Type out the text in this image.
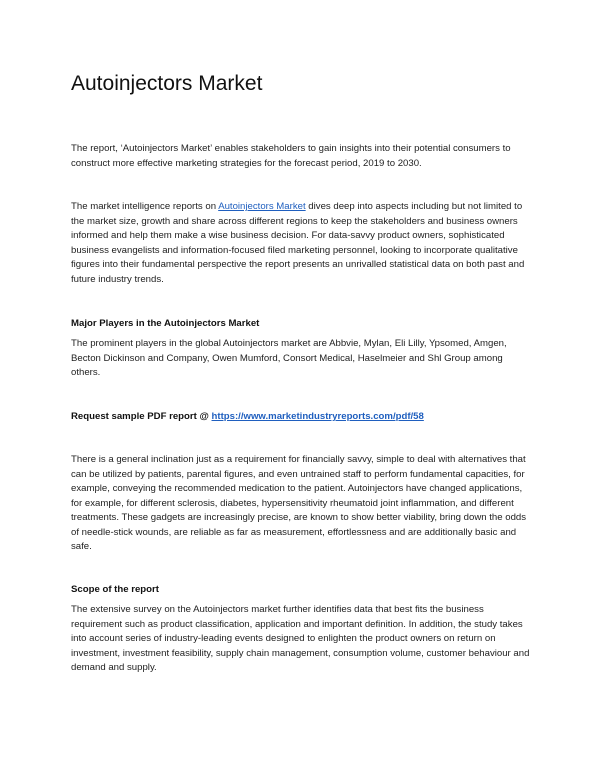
Autoinjectors Market

The report, ‘Autoinjectors Market’ enables stakeholders to gain insights into their potential consumers to construct more effective marketing strategies for the forecast period, 2019 to 2030.

The market intelligence reports on Autoinjectors Market dives deep into aspects including but not limited to the market size, growth and share across different regions to keep the stakeholders and business owners informed and help them make a wise business decision. For data-savvy product owners, sophisticated business evangelists and information-focused filed marketing personnel, looking to incorporate qualitative figures into their fundamental perspective the report presents an unrivalled statistical data on both past and future industry trends.

Major Players in the Autoinjectors Market

The prominent players in the global Autoinjectors market are Abbvie, Mylan, Eli Lilly, Ypsomed, Amgen, Becton Dickinson and Company, Owen Mumford, Consort Medical, Haselmeier and Shl Group among others.

Request sample PDF report @ https://www.marketindustryreports.com/pdf/58

There is a general inclination just as a requirement for financially savvy, simple to deal with alternatives that can be utilized by patients, parental figures, and even untrained staff to perform fundamental capacities, for example, conveying the recommended medication to the patient. Autoinjectors have changed applications, for example, for different sclerosis, diabetes, hypersensitivity rheumatoid joint inflammation, and different treatments. These gadgets are increasingly precise, are known to show better viability, bring down the odds of needle-stick wounds, are reliable as far as measurement, effortlessness and are additionally basic and safe.

Scope of the report

The extensive survey on the Autoinjectors market further identifies data that best fits the business requirement such as product classification, application and important definition. In addition, the study takes into account series of industry-leading events designed to enlighten the product owners on return on investment, investment feasibility, supply chain management, consumption volume, customer behaviour and demand and supply.
